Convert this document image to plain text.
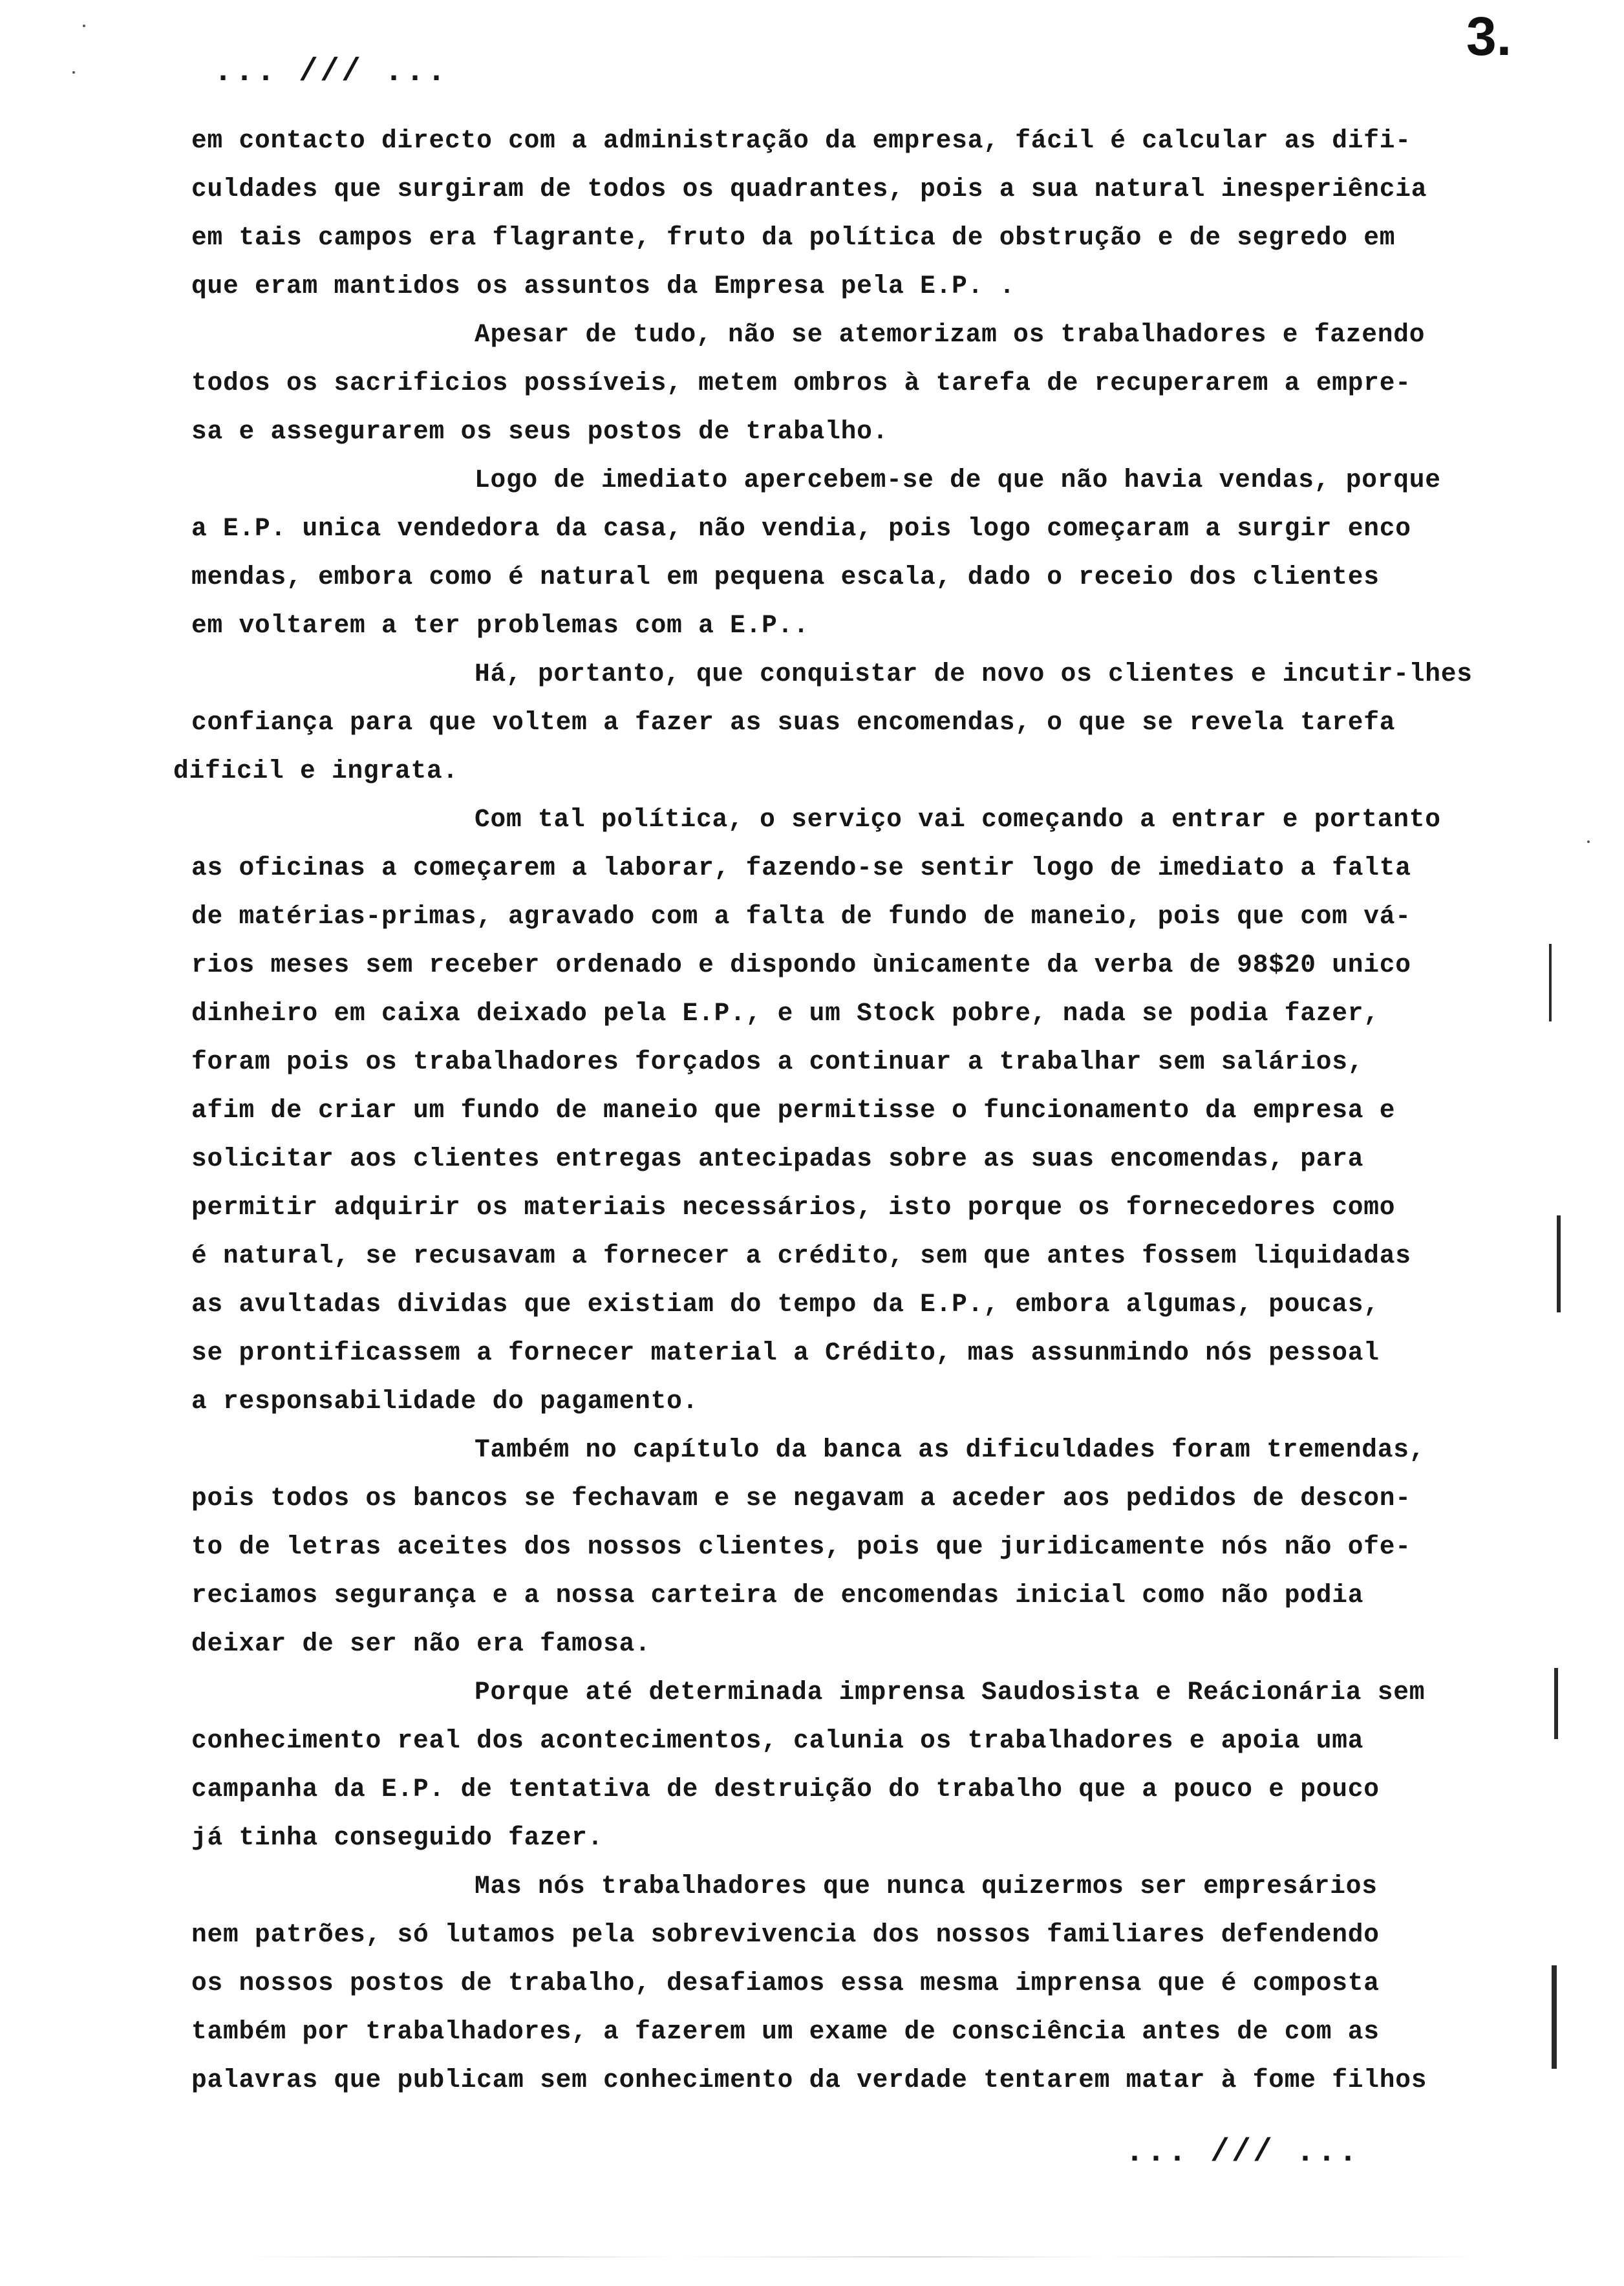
3.
... /// ...
em contacto directo com a administração da empresa, fácil é calcular as difi-
culdades que surgiram de todos os quadrantes, pois a sua natural inesperiência
em tais campos era flagrante, fruto da política de obstrução e de segredo em
que eram mantidos os assuntos da Empresa pela E.P. .
Apesar de tudo, não se atemorizam os trabalhadores e fazendo
todos os sacrificios possíveis, metem ombros à tarefa de recuperarem a empre-
sa e assegurarem os seus postos de trabalho.
Logo de imediato apercebem-se de que não havia vendas, porque
a E.P. unica vendedora da casa, não vendia, pois logo começaram a surgir enco
mendas, embora como é natural em pequena escala, dado o receio dos clientes
em voltarem a ter problemas com a E.P..
Há, portanto, que conquistar de novo os clientes e incutir-lhes
confiança para que voltem a fazer as suas encomendas, o que se revela tarefa
dificil e ingrata.
Com tal política, o serviço vai começando a entrar e portanto
as oficinas a começarem a laborar, fazendo-se sentir logo de imediato a falta
de matérias-primas, agravado com a falta de fundo de maneio, pois que com vá-
rios meses sem receber ordenado e dispondo ùnicamente da verba de 98$20 unico
dinheiro em caixa deixado pela E.P., e um Stock pobre, nada se podia fazer,
foram pois os trabalhadores forçados a continuar a trabalhar sem salários,
afim de criar um fundo de maneio que permitisse o funcionamento da empresa e
solicitar aos clientes entregas antecipadas sobre as suas encomendas, para
permitir adquirir os materiais necessários, isto porque os fornecedores como
é natural, se recusavam a fornecer a crédito, sem que antes fossem liquidadas
as avultadas dividas que existiam do tempo da E.P., embora algumas, poucas,
se prontificassem a fornecer material a Crédito, mas assunmindo nós pessoal
a responsabilidade do pagamento.
Também no capítulo da banca as dificuldades foram tremendas,
pois todos os bancos se fechavam e se negavam a aceder aos pedidos de descon-
to de letras aceites dos nossos clientes, pois que juridicamente nós não ofe-
reciamos segurança e a nossa carteira de encomendas inicial como não podia
deixar de ser não era famosa.
Porque até determinada imprensa Saudosista e Reácionária sem
conhecimento real dos acontecimentos, calunia os trabalhadores e apoia uma
campanha da E.P. de tentativa de destruição do trabalho que a pouco e pouco
já tinha conseguido fazer.
Mas nós trabalhadores que nunca quizermos ser empresários
nem patrões, só lutamos pela sobrevivencia dos nossos familiares defendendo
os nossos postos de trabalho, desafiamos essa mesma imprensa que é composta
também por trabalhadores, a fazerem um exame de consciência antes de com as
palavras que publicam sem conhecimento da verdade tentarem matar à fome filhos
... /// ...
